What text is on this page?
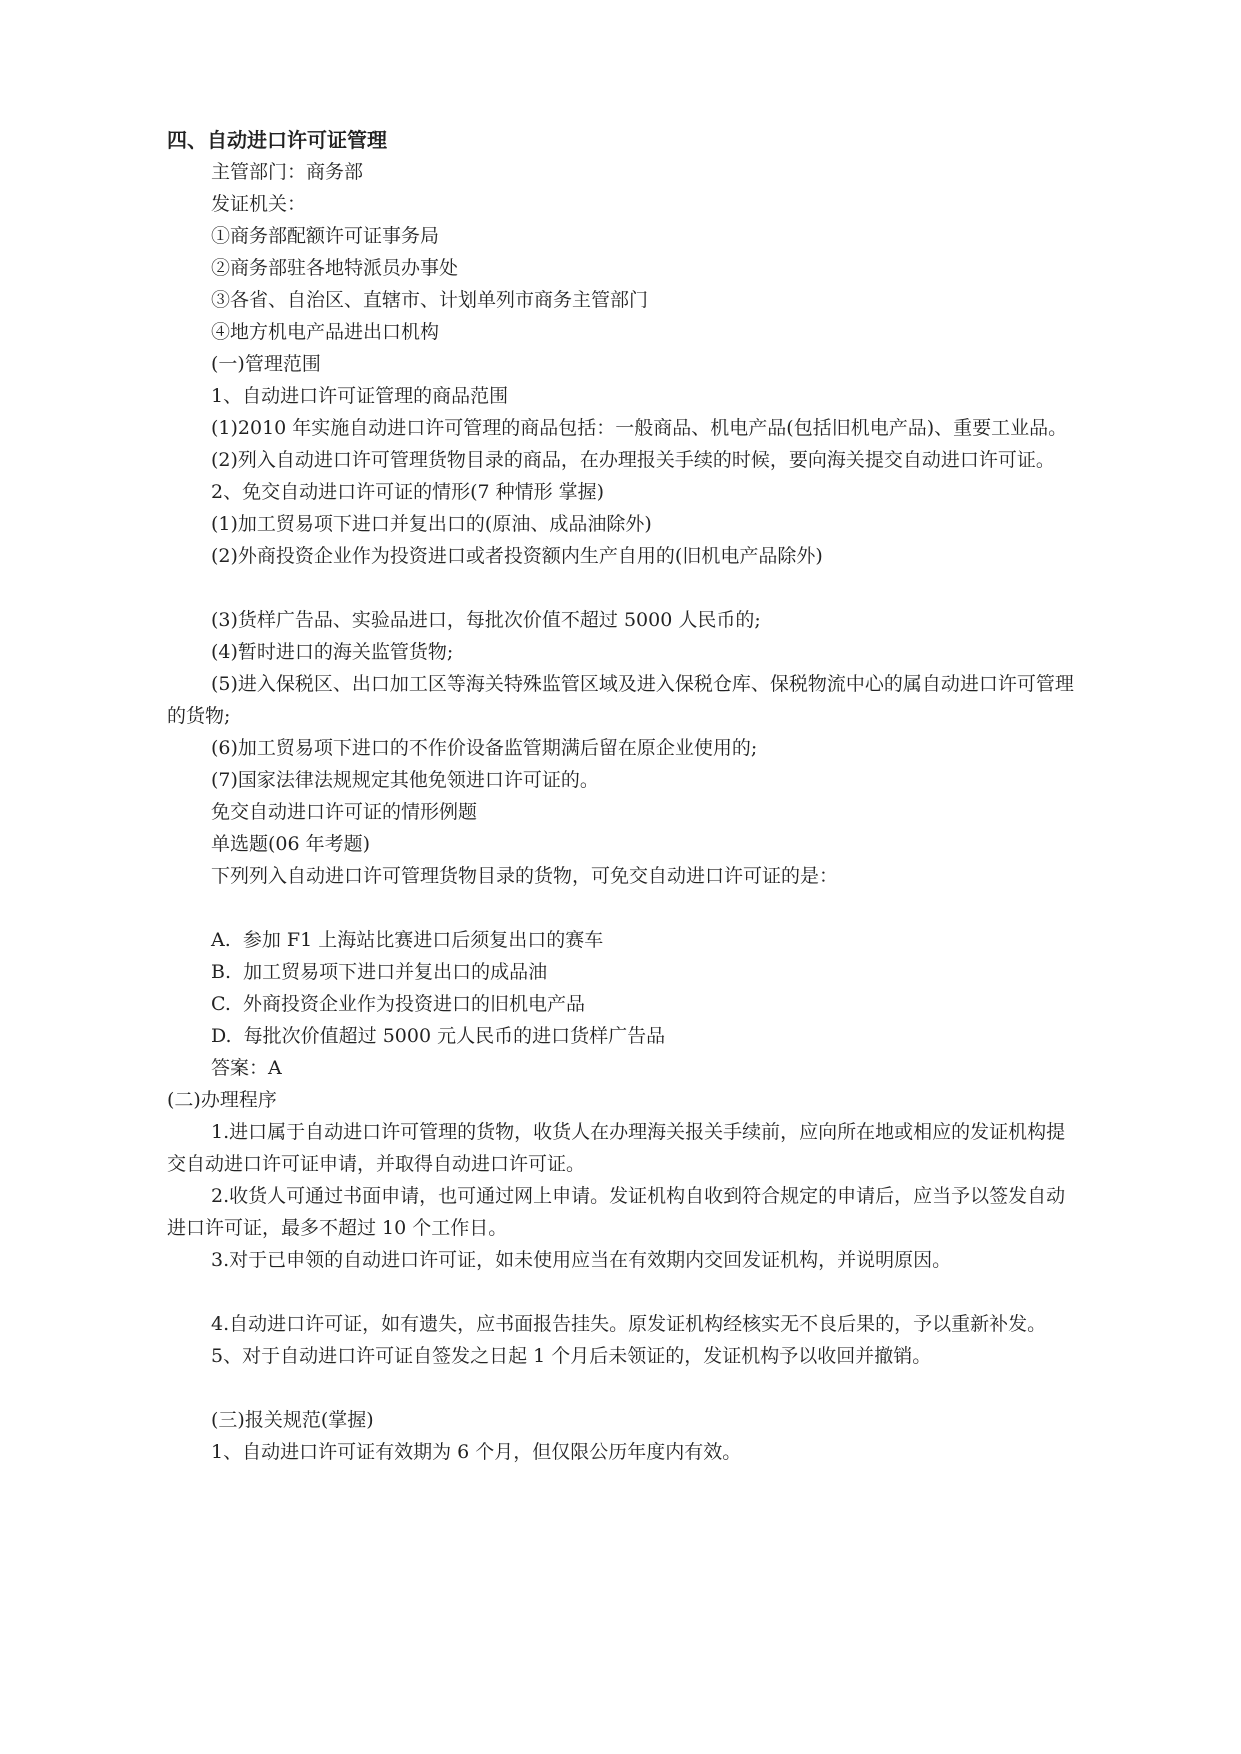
四、自动进口许可证管理

主管部门：商务部

发证机关：

①商务部配额许可证事务局

②商务部驻各地特派员办事处

③各省、自治区、直辖市、计划单列市商务主管部门

④地方机电产品进出口机构

(一)管理范围

1、自动进口许可证管理的商品范围

(1)2010 年实施自动进口许可管理的商品包括：一般商品、机电产品(包括旧机电产品)、重要工业品。

(2)列入自动进口许可管理货物目录的商品，在办理报关手续的时候，要向海关提交自动进口许可证。

2、免交自动进口许可证的情形(7 种情形 掌握)

(1)加工贸易项下进口并复出口的(原油、成品油除外)

(2)外商投资企业作为投资进口或者投资额内生产自用的(旧机电产品除外)

(3)货样广告品、实验品进口，每批次价值不超过 5000 人民币的;

(4)暂时进口的海关监管货物;

(5)进入保税区、出口加工区等海关特殊监管区域及进入保税仓库、保税物流中心的属自动进口许可管理的货物;

(6)加工贸易项下进口的不作价设备监管期满后留在原企业使用的;

(7)国家法律法规规定其他免领进口许可证的。

免交自动进口许可证的情形例题

单选题(06 年考题)

下列列入自动进口许可管理货物目录的货物，可免交自动进口许可证的是：

A.  参加 F1 上海站比赛进口后须复出口的赛车

B.  加工贸易项下进口并复出口的成品油

C.  外商投资企业作为投资进口的旧机电产品

D.  每批次价值超过 5000 元人民币的进口货样广告品

答案：A

(二)办理程序

1.进口属于自动进口许可管理的货物，收货人在办理海关报关手续前，应向所在地或相应的发证机构提交自动进口许可证申请，并取得自动进口许可证。

2.收货人可通过书面申请，也可通过网上申请。发证机构自收到符合规定的申请后，应当予以签发自动进口许可证，最多不超过 10 个工作日。

3.对于已申领的自动进口许可证，如未使用应当在有效期内交回发证机构，并说明原因。

4.自动进口许可证，如有遗失，应书面报告挂失。原发证机构经核实无不良后果的，予以重新补发。

5、对于自动进口许可证自签发之日起 1 个月后未领证的，发证机构予以收回并撤销。

(三)报关规范(掌握)

1、自动进口许可证有效期为 6 个月，但仅限公历年度内有效。
